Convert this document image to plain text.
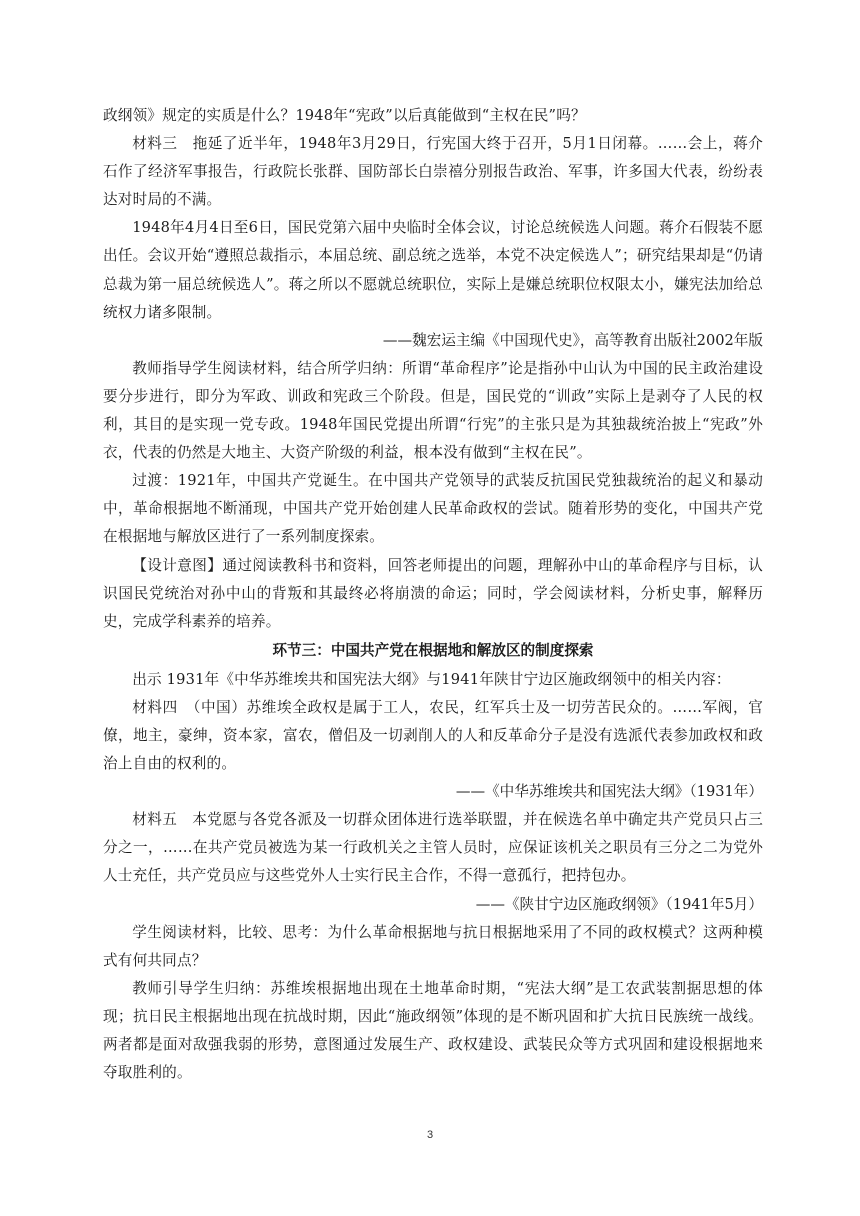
政纲领》规定的实质是什么？1948年“宪政”以后真能做到“主权在民”吗？

材料三　拖延了近半年，1948年3月29日，行宪国大终于召开，5月1日闭幕。……会上，蒋介石作了经济军事报告，行政院长张群、国防部长白崇禧分别报告政治、军事，许多国大代表，纷纷表达对时局的不满。

1948年4月4日至6日，国民党第六届中央临时全体会议，讨论总统候选人问题。蒋介石假装不愿出任。会议开始“遵照总裁指示，本届总统、副总统之选举，本党不决定候选人”；研究结果却是“仍请总裁为第一届总统候选人”。蒋之所以不愿就总统职位，实际上是嫌总统职位权限太小，嫌宪法加给总统权力诸多限制。

——魏宏运主编《中国现代史》，高等教育出版社2002年版

教师指导学生阅读材料，结合所学归纳：所谓“革命程序”论是指孙中山认为中国的民主政治建设要分步进行，即分为军政、训政和宪政三个阶段。但是，国民党的“训政”实际上是剥夺了人民的权利，其目的是实现一党专政。1948年国民党提出所谓“行宪”的主张只是为其独裁统治披上“宪政”外衣，代表的仍然是大地主、大资产阶级的利益，根本没有做到“主权在民”。

过渡：1921年，中国共产党诞生。在中国共产党领导的武装反抗国民党独裁统治的起义和暴动中，革命根据地不断涌现，中国共产党开始创建人民革命政权的尝试。随着形势的变化，中国共产党在根据地与解放区进行了一系列制度探索。

【设计意图】通过阅读教科书和资料，回答老师提出的问题，理解孙中山的革命程序与目标，认识国民党统治对孙中山的背叛和其最终必将崩溃的命运；同时，学会阅读材料，分析史事，解释历史，完成学科素养的培养。

环节三：中国共产党在根据地和解放区的制度探索

出示 1931年《中华苏维埃共和国宪法大纲》与1941年陕甘宁边区施政纲领中的相关内容：

材料四　（中国）苏维埃全政权是属于工人，农民，红军兵士及一切劳苦民众的。……军阀，官僚，地主，豪绅，资本家，富农，僧侣及一切剥削人的人和反革命分子是没有选派代表参加政权和政治上自由的权利的。

——《中华苏维埃共和国宪法大纲》（1931年）

材料五　本党愿与各党各派及一切群众团体进行选举联盟，并在候选名单中确定共产党员只占三分之一，……在共产党员被选为某一行政机关之主管人员时，应保证该机关之职员有三分之二为党外人士充任，共产党员应与这些党外人士实行民主合作，不得一意孤行，把持包办。

——《陕甘宁边区施政纲领》（1941年5月）

学生阅读材料，比较、思考：为什么革命根据地与抗日根据地采用了不同的政权模式？这两种模式有何共同点？

教师引导学生归纳：苏维埃根据地出现在土地革命时期，“宪法大纲”是工农武装割据思想的体现；抗日民主根据地出现在抗战时期，因此“施政纲领”体现的是不断巩固和扩大抗日民族统一战线。两者都是面对敌强我弱的形势，意图通过发展生产、政权建设、武装民众等方式巩固和建设根据地来夺取胜利的。

3
